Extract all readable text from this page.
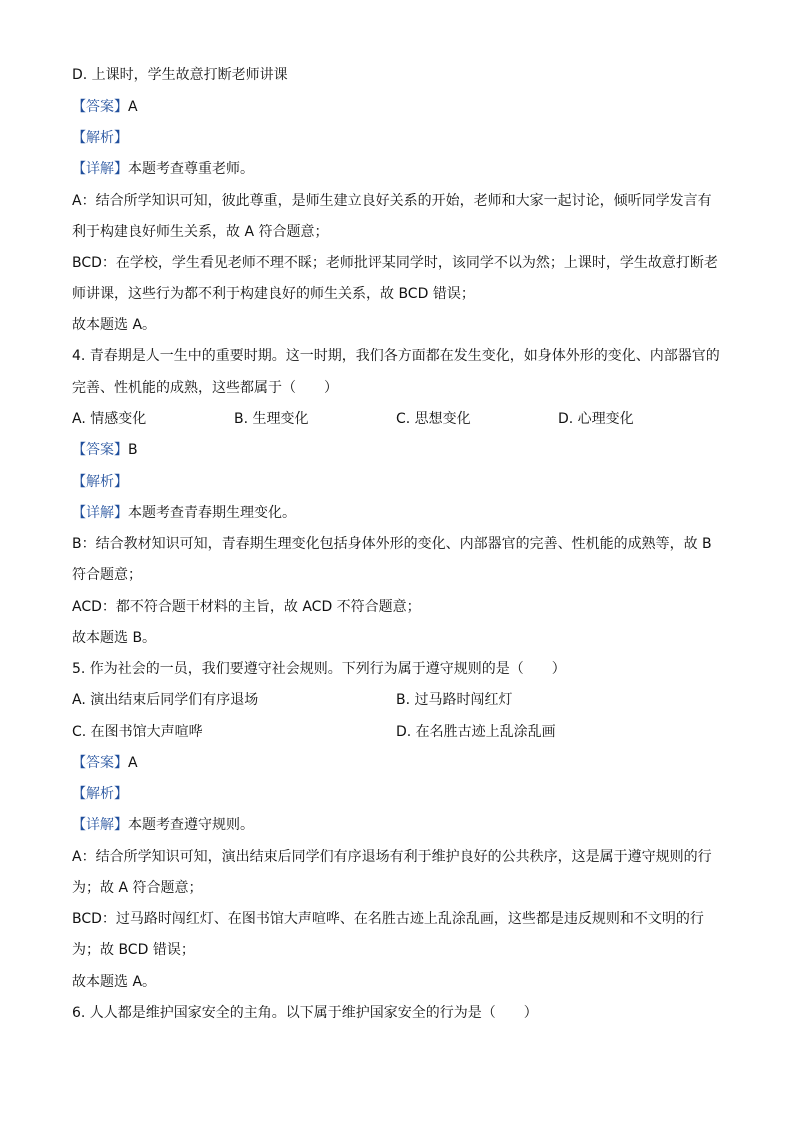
D. 上课时，学生故意打断老师讲课
【答案】A
【解析】
【详解】本题考查尊重老师。
A：结合所学知识可知，彼此尊重，是师生建立良好关系的开始，老师和大家一起讨论，倾听同学发言有
利于构建良好师生关系，故 A 符合题意；
BCD：在学校，学生看见老师不理不睬；老师批评某同学时，该同学不以为然；上课时，学生故意打断老
师讲课，这些行为都不利于构建良好的师生关系，故 BCD 错误；
故本题选 A。
4. 青春期是人一生中的重要时期。这一时期，我们各方面都在发生变化，如身体外形的变化、内部器官的
完善、性机能的成熟，这些都属于（　　）
A. 情感变化	B. 生理变化	C. 思想变化	D. 心理变化
【答案】B
【解析】
【详解】本题考查青春期生理变化。
B：结合教材知识可知，青春期生理变化包括身体外形的变化、内部器官的完善、性机能的成熟等，故 B
符合题意；
ACD：都不符合题干材料的主旨，故 ACD 不符合题意；
故本题选 B。
5. 作为社会的一员，我们要遵守社会规则。下列行为属于遵守规则的是（　　）
A. 演出结束后同学们有序退场	B. 过马路时闯红灯
C. 在图书馆大声喧哗	D. 在名胜古迹上乱涂乱画
【答案】A
【解析】
【详解】本题考查遵守规则。
A：结合所学知识可知，演出结束后同学们有序退场有利于维护良好的公共秩序，这是属于遵守规则的行
为；故 A 符合题意；
BCD：过马路时闯红灯、在图书馆大声喧哗、在名胜古迹上乱涂乱画，这些都是违反规则和不文明的行
为；故 BCD 错误；
故本题选 A。
6. 人人都是维护国家安全的主角。以下属于维护国家安全的行为是（　　）
